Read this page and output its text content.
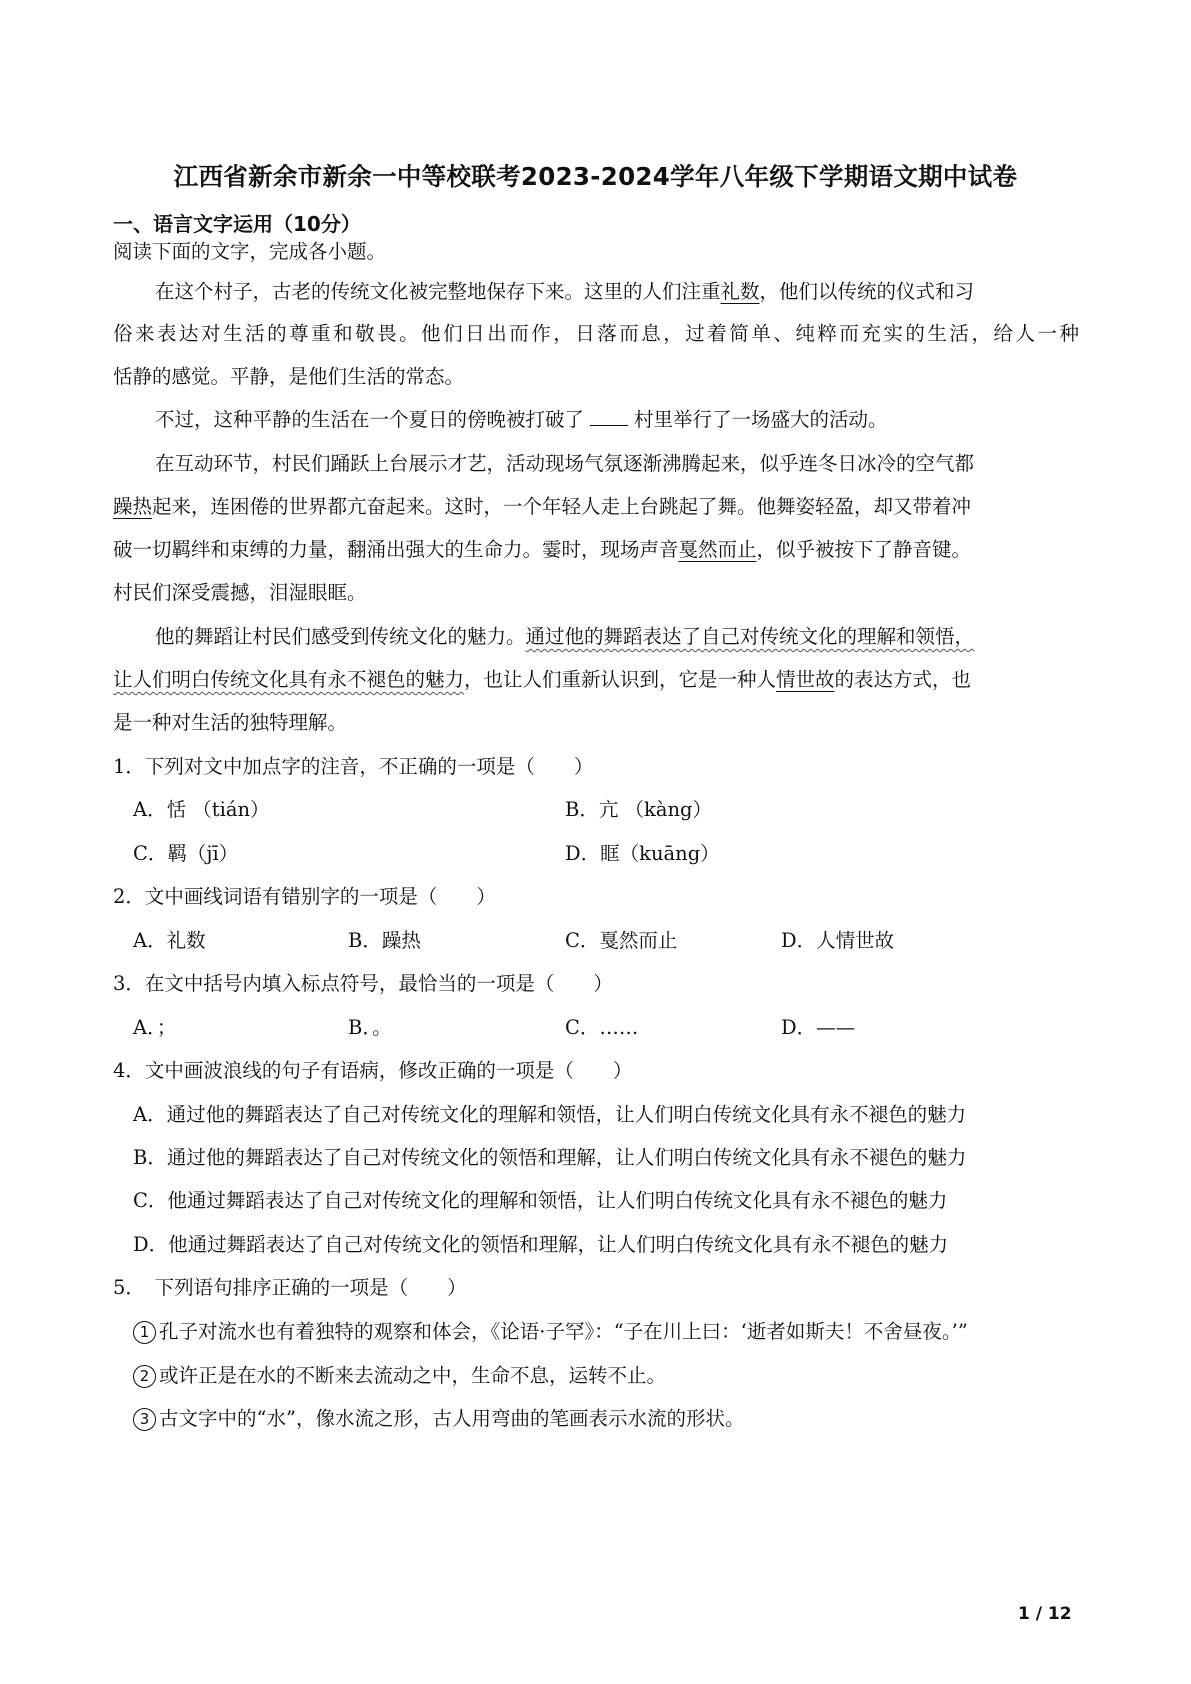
江西省新余市新余一中等校联考2023-2024学年八年级下学期语文期中试卷
一、语言文字运用（10分）
阅读下面的文字，完成各小题。
在这个村子，古老的传统文化被完整地保存下来。这里的人们注重礼数，他们以传统的仪式和习
俗来表达对生活的尊重和敬畏。他们日出而作，日落而息，过着简单、纯粹而充实的生活，给人一种
恬静的感觉。平静，是他们生活的常态。
不过，这种平静的生活在一个夏日的傍晚被打破了	村里举行了一场盛大的活动。
在互动环节，村民们踊跃上台展示才艺，活动现场气氛逐渐沸腾起来，似乎连冬日冰冷的空气都
躁热起来，连困倦的世界都亢奋起来。这时，一个年轻人走上台跳起了舞。他舞姿轻盈，却又带着冲
破一切羁绊和束缚的力量，翻涌出强大的生命力。霎时，现场声音戛然而止，似乎被按下了静音键。
村民们深受震撼，泪湿眼眶。
他的舞蹈让村民们感受到传统文化的魅力。通过他的舞蹈表达了自己对传统文化的理解和领悟，
让人们明白传统文化具有永不褪色的魅力，也让人们重新认识到，它是一种人情世故的表达方式，也
是一种对生活的独特理解。
1．下列对文中加点字的注音，不正确的一项是（　　）
A．恬 （tián）	B．亢 （kàng）
C．羁（jī）	D．眶（kuāng）
2．文中画线词语有错别字的一项是（　　）
A．礼数	B．躁热	C．戛然而止	D．人情世故
3．在文中括号内填入标点符号，最恰当的一项是（　　）
A．；	B．。	C．……	D．——
4．文中画波浪线的句子有语病，修改正确的一项是（　　）
A．通过他的舞蹈表达了自己对传统文化的理解和领悟，让人们明白传统文化具有永不褪色的魅力
B．通过他的舞蹈表达了自己对传统文化的领悟和理解，让人们明白传统文化具有永不褪色的魅力
C．他通过舞蹈表达了自己对传统文化的理解和领悟，让人们明白传统文化具有永不褪色的魅力
D．他通过舞蹈表达了自己对传统文化的领悟和理解，让人们明白传统文化具有永不褪色的魅力
5．　下列语句排序正确的一项是（　　）
1 孔子对流水也有着独特的观察和体会，《论语·子罕》：“子在川上曰：‘逝者如斯夫！不舍昼夜。’”
2 或许正是在水的不断来去流动之中，生命不息，运转不止。
3 古文字中的“水”，像水流之形，古人用弯曲的笔画表示水流的形状。
1 / 12
